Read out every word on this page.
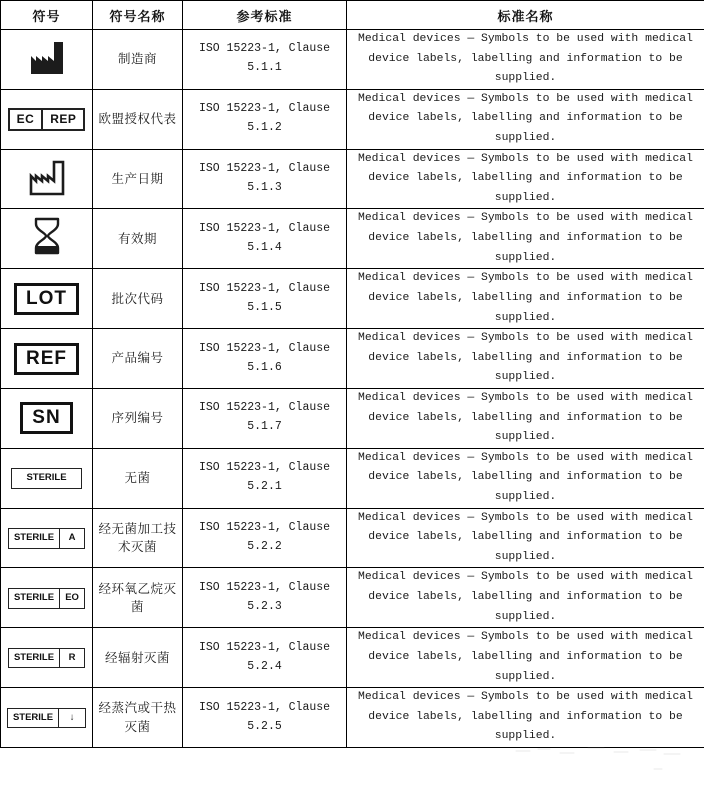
符号	符号名称	参考标准	标准名称
	制造商	ISO 15223-1, Clause 5.1.1	Medical devices — Symbols to be used with medical device labels, labelling and information to be supplied.

EC REP	欧盟授权代表	ISO 15223-1, Clause 5.1.2	Medical devices — Symbols to be used with medical device labels, labelling and information to be supplied.
	生产日期	ISO 15223-1, Clause 5.1.3	Medical devices — Symbols to be used with medical device labels, labelling and information to be supplied.
	有效期	ISO 15223-1, Clause 5.1.4	Medical devices — Symbols to be used with medical device labels, labelling and information to be supplied.
LOT	批次代码	ISO 15223-1, Clause 5.1.5	Medical devices — Symbols to be used with medical device labels, labelling and information to be supplied.
REF	产品编号	ISO 15223-1, Clause 5.1.6	Medical devices — Symbols to be used with medical device labels, labelling and information to be supplied.
SN	序列编号	ISO 15223-1, Clause 5.1.7	Medical devices — Symbols to be used with medical device labels, labelling and information to be supplied.

STERILE	无菌	ISO 15223-1, Clause 5.2.1	Medical devices — Symbols to be used with medical device labels, labelling and information to be supplied.

STERILE A	经无菌加工技术灭菌	ISO 15223-1, Clause 5.2.2	Medical devices — Symbols to be used with medical device labels, labelling and information to be supplied.

STERILE EO	经环氧乙烷灭菌	ISO 15223-1, Clause 5.2.3	Medical devices — Symbols to be used with medical device labels, labelling and information to be supplied.

STERILE R	经辐射灭菌	ISO 15223-1, Clause 5.2.4	Medical devices — Symbols to be used with medical device labels, labelling and information to be supplied.

STERILE ↓	经蒸汽或干热灭菌	ISO 15223-1, Clause 5.2.5	Medical devices — Symbols to be used with medical device labels, labelling and information to be supplied.
